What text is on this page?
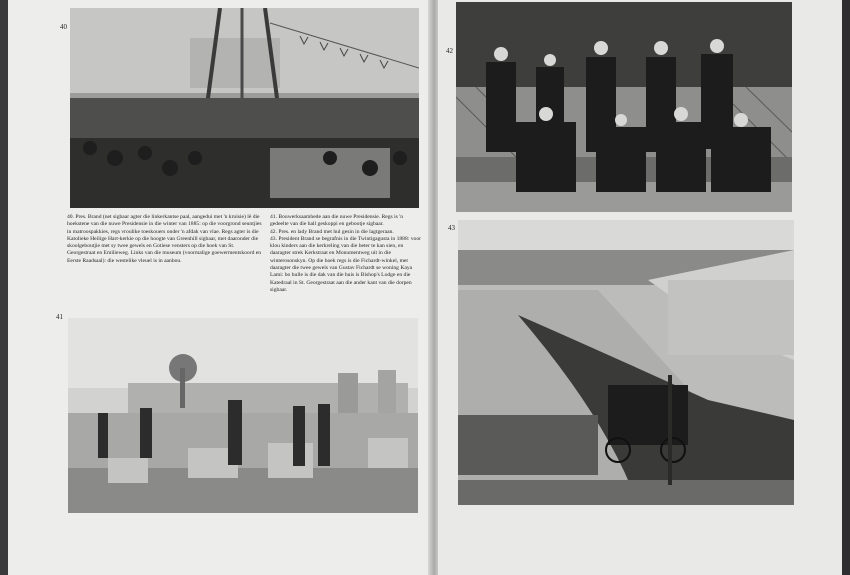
40
40. Pres. Brand (net sigbaar agter die linkerkantse paal, aangedui met 'n kruisie) lê die hoekstene van die nuwe Presidensie in die winter van 1885: op die voorgrond seuntjies in matroospakkies, regs vroulike toeskouers onder 'n afdak van vlae. Regs agter is die Katolieke Heilige Hart-kerkie op die hoogte van Greenhill sigbaar, met daaronder die skoolgeboutjie met sy twee gewels en Gotiese vensters op die hoek van St. Georgestraat en Emilieweg. Links van die museum (voormalige goewermentskoord en Eerste Raadsaal): die westelike vleuel is in aanbou.

41. Bouwerksaamhede aan die nuwe Presidensie. Regs is 'n gedeelte van die hall geskoppi en gebootje sigbaar.

42. Pres. en lady Brand met hul gesin in die lagtgeraan.

43. President Brand se begrafnis in die Twintigagusta in 1888: voor klou kinders aan die kerkreling van die beter te kan sien, en daaragter strek Kerkstraat en Monumentweg uit in die winterosonskyn. Op die hoek regs is die Fichardt-winkel, met daaragter die twee gewels van Gustav Fichardt se woning Kaya Lami: bo hulle is die dak van die huis is Bishop's Lodge en die Katedraal in St. Georgestraat aan die ander kant van die dorpen sigbaar.

41
42
43
